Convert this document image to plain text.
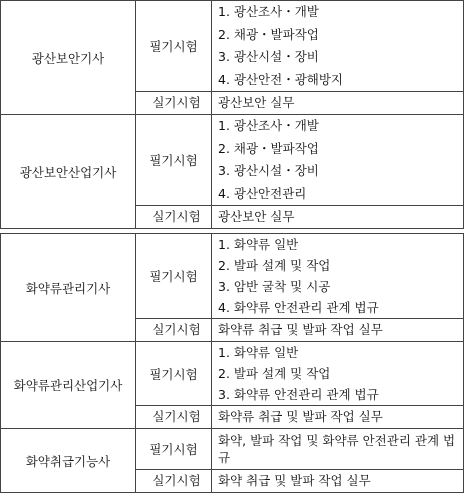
광산보안기사	필기시험	1. 광산조사・개발
2. 채광・발파작업
3. 광산시설・장비
4. 광산안전・광해방지

	실기시험	광산보안 실무
광산보안산업기사	필기시험	1. 광산조사・개발
2. 채광・발파작업
3. 광산시설・장비
4. 광산안전관리

	실기시험	광산보안 실무
화약류관리기사	필기시험	1. 화약류 일반
2. 발파 설계 및 작업
3. 암반 굴착 및 시공
4. 화약류 안전관리 관계 법규

	실기시험	화약류 취급 및 발파 작업 실무
화약류관리산업기사	필기시험	1. 화약류 일반
2. 발파 설계 및 작업
3. 화약류 안전관리 관계 법규

	실기시험	화약류 취급 및 발파 작업 실무
화약취급기능사	필기시험	화약, 발파 작업 및 화약류 안전관리 관계 법규
	실기시험	화약 취급 및 발파 작업 실무
